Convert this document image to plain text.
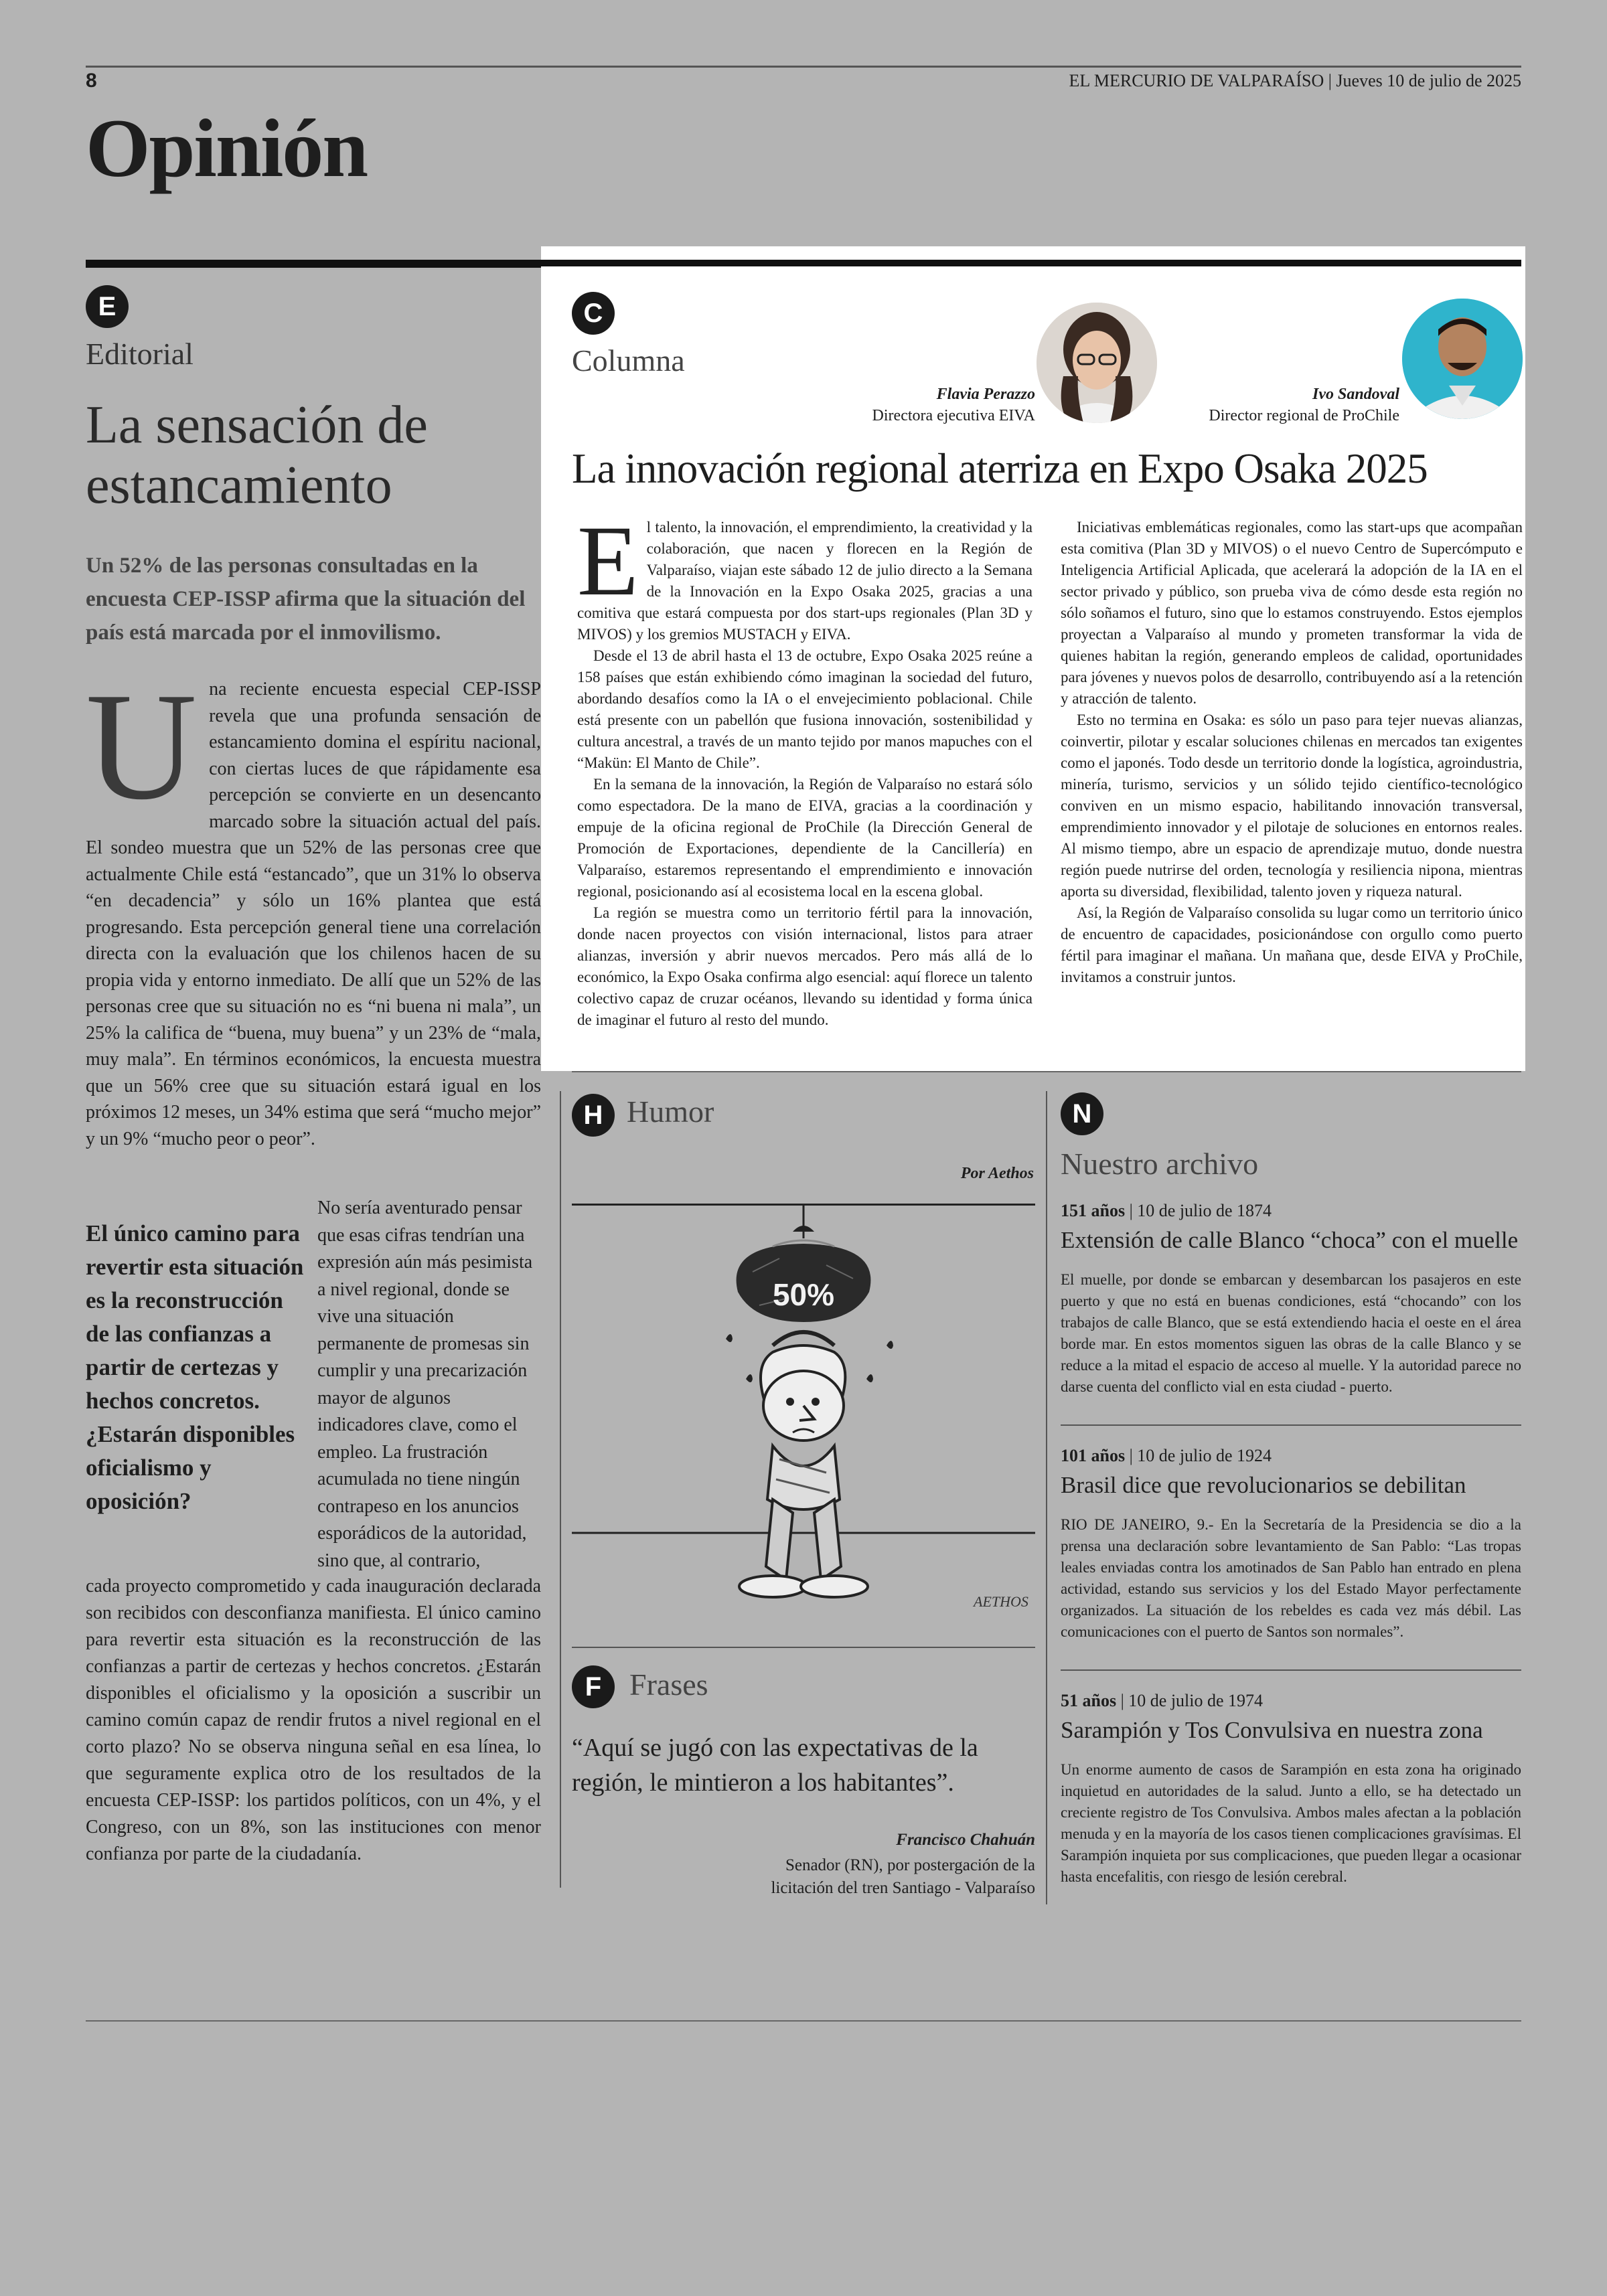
8	EL MERCURIO DE VALPARAÍSO | Jueves 10 de julio de 2025
Opinión
E
Editorial
La sensación de estancamiento
Un 52% de las personas consultadas en la encuesta CEP-ISSP afirma que la situación del país está marcada por el inmovilismo.

U na reciente encuesta especial CEP-ISSP revela que una profunda sensación de estancamiento domina el espíritu nacional, con ciertas luces de que rápidamente esa percepción se convierte en un desencanto marcado sobre la situación actual del país. El sondeo muestra que un 52% de las personas cree que actualmente Chile está “estancado”, que un 31% lo observa “en decadencia” y sólo un 16% plantea que está progresando. Esta percepción general tiene una correlación directa con la evaluación que los chilenos hacen de su propia vida y entorno inmediato. De allí que un 52% de las personas cree que su situación no es “ni buena ni mala”, un 25% la califica de “buena, muy buena” y un 23% de “mala, muy mala”. En términos económicos, la encuesta muestra que un 56% cree que su situación estará igual en los próximos 12 meses, un 34% estima que será “mucho mejor” y un 9% “mucho peor o peor”.

El único camino para revertir esta situación es la reconstrucción de las confianzas a partir de certezas y hechos concretos. ¿Estarán disponibles oficialismo y oposición?
No sería aventurado pensar que esas cifras tendrían una expresión aún más pesimista a nivel regional, donde se vive una situación permanente de promesas sin cumplir y una precarización mayor de algunos indicadores clave, como el empleo. La frustración acumulada no tiene ningún contrapeso en los anuncios esporádicos de la autoridad, sino que, al contrario,
cada proyecto comprometido y cada inauguración declarada son recibidos con desconfianza manifiesta. El único camino para revertir esta situación es la reconstrucción de las confianzas a partir de certezas y hechos concretos. ¿Estarán disponibles el oficialismo y la oposición a suscribir un camino común capaz de rendir frutos a nivel regional en el corto plazo? No se observa ninguna señal en esa línea, lo que seguramente explica otro de los resultados de la encuesta CEP-ISSP: los partidos políticos, con un 4%, y el Congreso, con un 8%, son las instituciones con menor confianza por parte de la ciudadanía.
C
Columna
Flavia Perazzo
Directora ejecutiva EIVA
Ivo Sandoval
Director regional de ProChile
La innovación regional aterriza en Expo Osaka 2025

E l talento, la innovación, el emprendimiento, la creatividad y la colaboración, que nacen y florecen en la Región de Valparaíso, viajan este sábado 12 de julio directo a la Semana de la Innovación en la Expo Osaka 2025, gracias a una comitiva que estará compuesta por dos start-ups regionales (Plan 3D y MIVOS) y los gremios MUSTACH y EIVA.

Desde el 13 de abril hasta el 13 de octubre, Expo Osaka 2025 reúne a 158 países que están exhibiendo cómo imaginan la sociedad del futuro, abordando desafíos como la IA o el envejecimiento poblacional. Chile está presente con un pabellón que fusiona innovación, sostenibilidad y cultura ancestral, a través de un manto tejido por manos mapuches con el “Makün: El Manto de Chile”.

En la semana de la innovación, la Región de Valparaíso no estará sólo como espectadora. De la mano de EIVA, gracias a la coordinación y empuje de la oficina regional de ProChile (la Dirección General de Promoción de Exportaciones, dependiente de la Cancillería) en Valparaíso, estaremos representando el emprendimiento e innovación regional, posicionando así al ecosistema local en la escena global.

La región se muestra como un territorio fértil para la innovación, donde nacen proyectos con visión internacional, listos para atraer alianzas, inversión y abrir nuevos mercados. Pero más allá de lo económico, la Expo Osaka confirma algo esencial: aquí florece un talento colectivo capaz de cruzar océanos, llevando su identidad y forma única de imaginar el futuro al resto del mundo.

Iniciativas emblemáticas regionales, como las start-ups que acompañan esta comitiva (Plan 3D y MIVOS) o el nuevo Centro de Supercómputo e Inteligencia Artificial Aplicada, que acelerará la adopción de la IA en el sector privado y público, son prueba viva de cómo desde esta región no sólo soñamos el futuro, sino que lo estamos construyendo. Estos ejemplos proyectan a Valparaíso al mundo y prometen transformar la vida de quienes habitan la región, generando empleos de calidad, oportunidades para jóvenes y nuevos polos de desarrollo, contribuyendo así a la retención y atracción de talento.

Esto no termina en Osaka: es sólo un paso para tejer nuevas alianzas, coinvertir, pilotar y escalar soluciones chilenas en mercados tan exigentes como el japonés. Todo desde un territorio donde la logística, agroindustria, minería, turismo, servicios y un sólido tejido científico-tecnológico conviven en un mismo espacio, habilitando innovación transversal, emprendimiento innovador y el pilotaje de soluciones en entornos reales. Al mismo tiempo, abre un espacio de aprendizaje mutuo, donde nuestra región puede nutrirse del orden, tecnología y resiliencia nipona, mientras aporta su diversidad, flexibilidad, talento joven y riqueza natural.

Así, la Región de Valparaíso consolida su lugar como un territorio único de encuentro de capacidades, posicionándose con orgullo como puerto fértil para imaginar el mañana. Un mañana que, desde EIVA y ProChile, invitamos a construir juntos.

H Humor
Por Aethos
50%
AETHOS
F Frases
“Aquí se jugó con las expectativas de la región, le mintieron a los habitantes”.
Francisco Chahuán
Senador (RN), por postergación de la licitación del tren Santiago - Valparaíso
N
Nuestro archivo
151 años | 10 de julio de 1874
Extensión de calle Blanco “choca” con el muelle

El muelle, por donde se embarcan y desembarcan los pasajeros en este puerto y que no está en buenas condiciones, está “chocando” con los trabajos de calle Blanco, que se está extendiendo hacia el oeste en el área borde mar. En estos momentos siguen las obras de la calle Blanco y se reduce a la mitad el espacio de acceso al muelle. Y la autoridad parece no darse cuenta del conflicto vial en esta ciudad - puerto.

101 años | 10 de julio de 1924
Brasil dice que revolucionarios se debilitan

RIO DE JANEIRO, 9.- En la Secretaría de la Presidencia se dio a la prensa una declaración sobre levantamiento de San Pablo: “Las tropas leales enviadas contra los amotinados de San Pablo han entrado en plena actividad, estando sus servicios y los del Estado Mayor perfectamente organizados. La situación de los rebeldes es cada vez más débil. Las comunicaciones con el puerto de Santos son normales”.

51 años | 10 de julio de 1974
Sarampión y Tos Convulsiva en nuestra zona

Un enorme aumento de casos de Sarampión en esta zona ha originado inquietud en autoridades de la salud. Junto a ello, se ha detectado un creciente registro de Tos Convulsiva. Ambos males afectan a la población menuda y en la mayoría de los casos tienen complicaciones gravísimas. El Sarampión inquieta por sus complicaciones, que pueden llegar a ocasionar hasta encefalitis, con riesgo de lesión cerebral.
